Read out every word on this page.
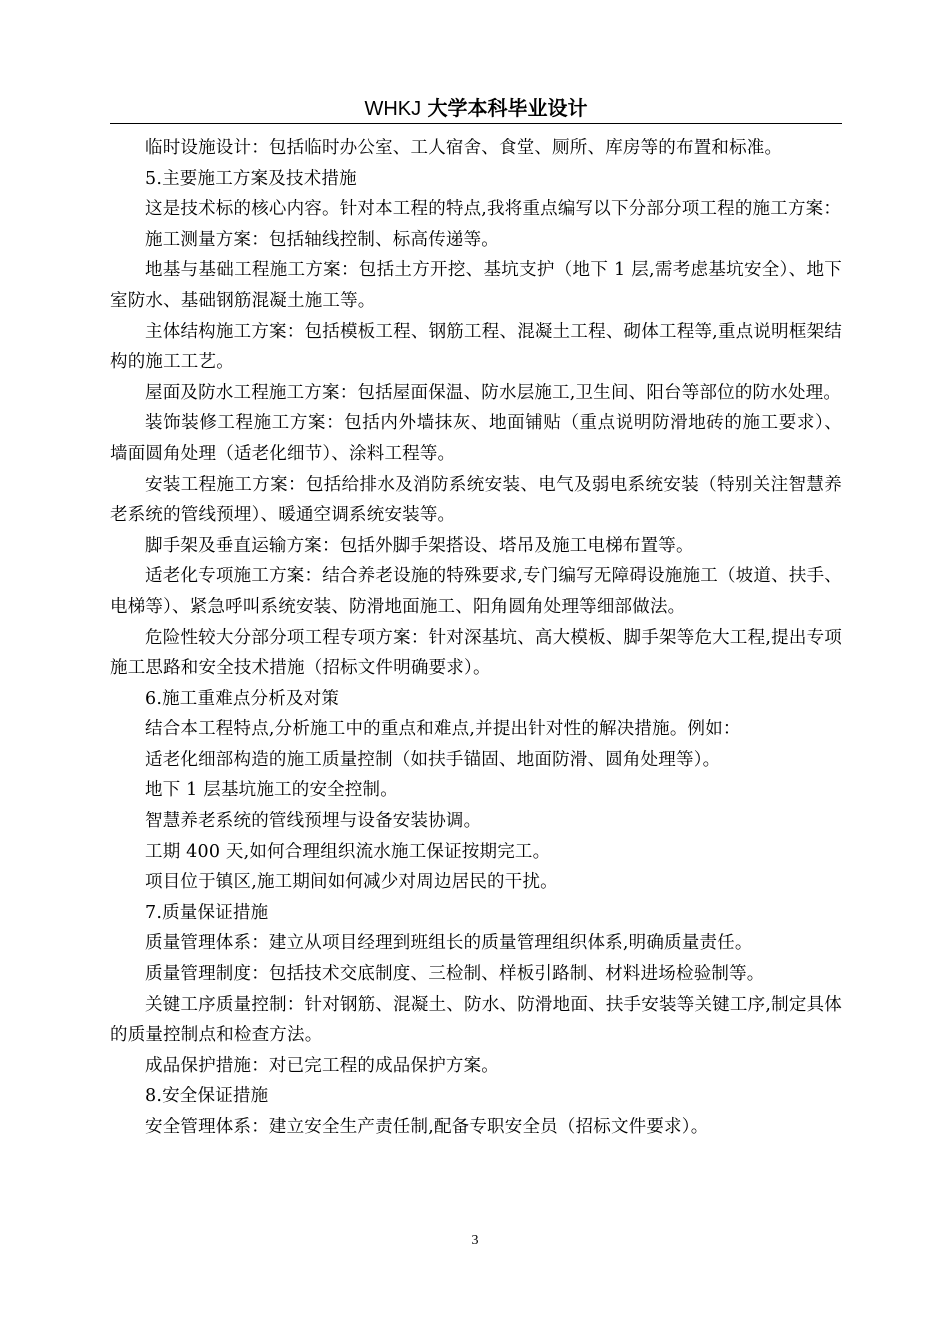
WHKJ 大学本科毕业设计

临时设施设计：包括临时办公室、工人宿舍、食堂、厕所、库房等的布置和标准。

5.主要施工方案及技术措施

这是技术标的核心内容。针对本工程的特点,我将重点编写以下分部分项工程的施工方案：

施工测量方案：包括轴线控制、标高传递等。

地基与基础工程施工方案：包括土方开挖、基坑支护（地下 1 层,需考虑基坑安全）、地下室防水、基础钢筋混凝土施工等。

主体结构施工方案：包括模板工程、钢筋工程、混凝土工程、砌体工程等,重点说明框架结构的施工工艺。

屋面及防水工程施工方案：包括屋面保温、防水层施工,卫生间、阳台等部位的防水处理。

装饰装修工程施工方案：包括内外墙抹灰、地面铺贴（重点说明防滑地砖的施工要求）、墙面圆角处理（适老化细节）、涂料工程等。

安装工程施工方案：包括给排水及消防系统安装、电气及弱电系统安装（特别关注智慧养老系统的管线预埋）、暖通空调系统安装等。

脚手架及垂直运输方案：包括外脚手架搭设、塔吊及施工电梯布置等。

适老化专项施工方案：结合养老设施的特殊要求,专门编写无障碍设施施工（坡道、扶手、电梯等）、紧急呼叫系统安装、防滑地面施工、阳角圆角处理等细部做法。

危险性较大分部分项工程专项方案：针对深基坑、高大模板、脚手架等危大工程,提出专项施工思路和安全技术措施（招标文件明确要求）。

6.施工重难点分析及对策

结合本工程特点,分析施工中的重点和难点,并提出针对性的解决措施。例如：

适老化细部构造的施工质量控制（如扶手锚固、地面防滑、圆角处理等）。

地下 1 层基坑施工的安全控制。

智慧养老系统的管线预埋与设备安装协调。

工期 400 天,如何合理组织流水施工保证按期完工。

项目位于镇区,施工期间如何减少对周边居民的干扰。

7.质量保证措施

质量管理体系：建立从项目经理到班组长的质量管理组织体系,明确质量责任。

质量管理制度：包括技术交底制度、三检制、样板引路制、材料进场检验制等。

关键工序质量控制：针对钢筋、混凝土、防水、防滑地面、扶手安装等关键工序,制定具体的质量控制点和检查方法。

成品保护措施：对已完工程的成品保护方案。

8.安全保证措施

安全管理体系：建立安全生产责任制,配备专职安全员（招标文件要求）。

3
